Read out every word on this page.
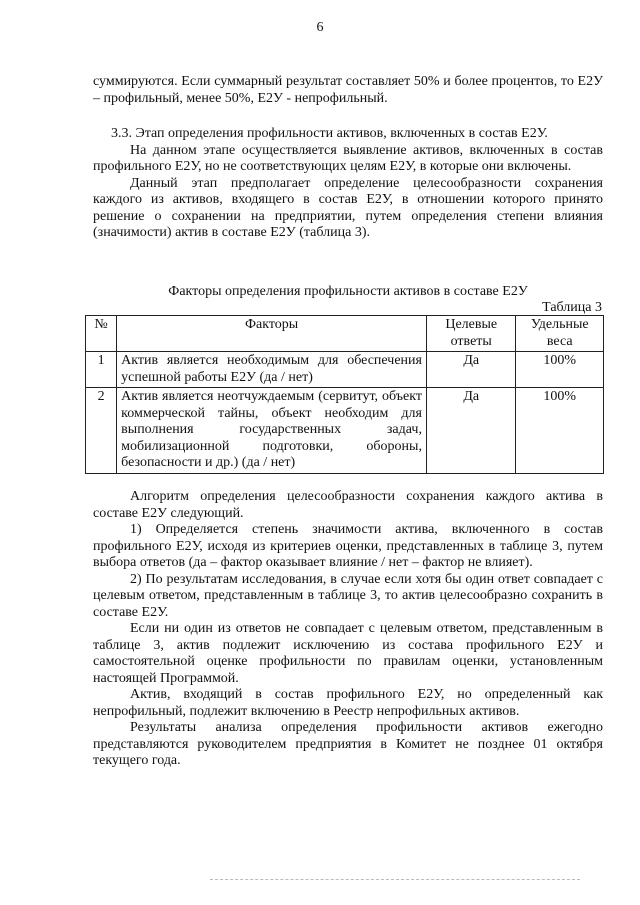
6

суммируются. Если суммарный результат составляет 50% и более процентов, то Е2У – профильный, менее 50%, Е2У - непрофильный.

3.3. Этап определения профильности активов, включенных в состав Е2У.

На данном этапе осуществляется выявление активов, включенных в состав профильного Е2У, но не соответствующих целям Е2У, в которые они включены.

Данный этап предполагает определение целесообразности сохранения каждого из активов, входящего в состав Е2У, в отношении которого принято решение о сохранении на предприятии, путем определения степени влияния (значимости) актив в составе Е2У (таблица 3).

Факторы определения профильности активов в составе Е2У
Таблица 3
№	Факторы	Целевые ответы	Удельные веса
1	Актив является необходимым для обеспечения успешной работы Е2У (да / нет)	Да	100%
2	Актив является неотчуждаемым (сервитут, объект коммерческой тайны, объект необходим для выполнения государственных задач, мобилизационной подготовки, обороны, безопасности и др.) (да / нет)	Да	100%

Алгоритм определения целесообразности сохранения каждого актива в составе Е2У следующий.

1) Определяется степень значимости актива, включенного в состав профильного Е2У, исходя из критериев оценки, представленных в таблице 3, путем выбора ответов (да – фактор оказывает влияние / нет – фактор не влияет).

2) По результатам исследования, в случае если хотя бы один ответ совпадает с целевым ответом, представленным в таблице 3, то актив целесообразно сохранить в составе Е2У.

Если ни один из ответов не совпадает с целевым ответом, представленным в таблице 3, актив подлежит исключению из состава профильного Е2У и самостоятельной оценке профильности по правилам оценки, установленным настоящей Программой.

Актив, входящий в состав профильного Е2У, но определенный как непрофильный, подлежит включению в Реестр непрофильных активов.

Результаты анализа определения профильности активов ежегодно представляются руководителем предприятия в Комитет не позднее 01 октября текущего года.
